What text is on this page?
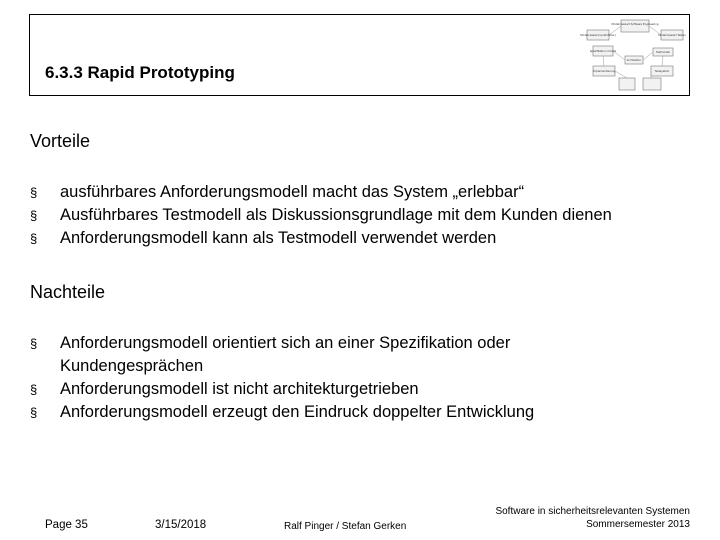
6.3.3 Rapid Prototyping
Modell-basiert Software Engineering
Modell-basiert (ausführbar)	Modell-basiert Testen
Spezifikation modell	Testmodell
Architektur
Implementierung	Testsystem
Vorteile
§ ausführbares Anforderungsmodell macht das System „erlebbar“
§ Ausführbares Testmodell als Diskussionsgrundlage mit dem Kunden dienen
§ Anforderungsmodell kann als Testmodell verwendet werden
Nachteile
§ Anforderungsmodell orientiert sich an einer Spezifikation oder Kundengesprächen
§ Anforderungsmodell ist nicht architekturgetrieben
§ Anforderungsmodell erzeugt den Eindruck doppelter Entwicklung
Page 35	3/15/2018	Ralf Pinger / Stefan Gerken
Software in sicherheitsrelevanten Systemen
Sommersemester 2013
